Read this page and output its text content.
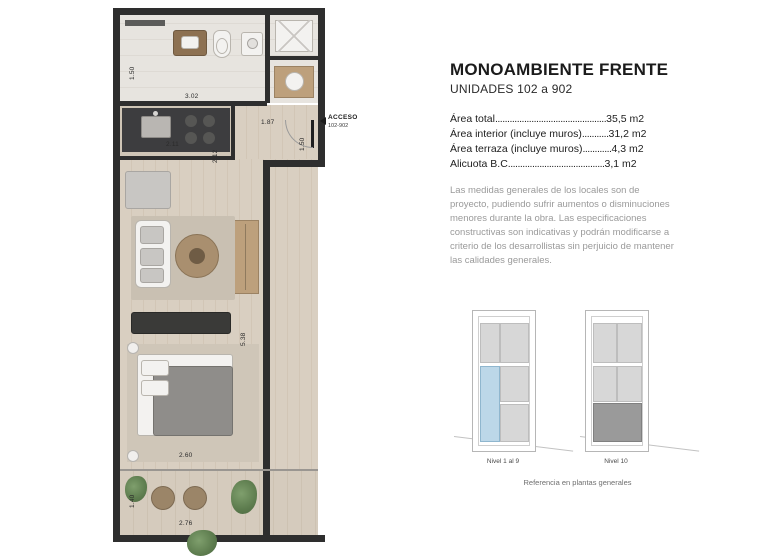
1.50
3.02
2.11
2.12
1.87
1.50
5.38
2.60
1.40
2.76
ACCESO
102-902
MONOAMBIENTE FRENTE
UNIDADES 102 a 902
Área total..............................................35,5 m2
Área interior (incluye muros)...........31,2 m2
Área terraza (incluye muros)............4,3 m2
Alicuota B.C........................................3,1 m2
Las medidas generales de los locales son de proyecto, pudiendo sufrir aumentos o disminuciones menores durante la obra. Las especificaciones constructivas son indicativas y podrán modificarse a criterio de los desarrollistas sin perjuicio de mantener las calidades generales.
Nivel 1 al 9	Nivel 10
Referencia en plantas generales
